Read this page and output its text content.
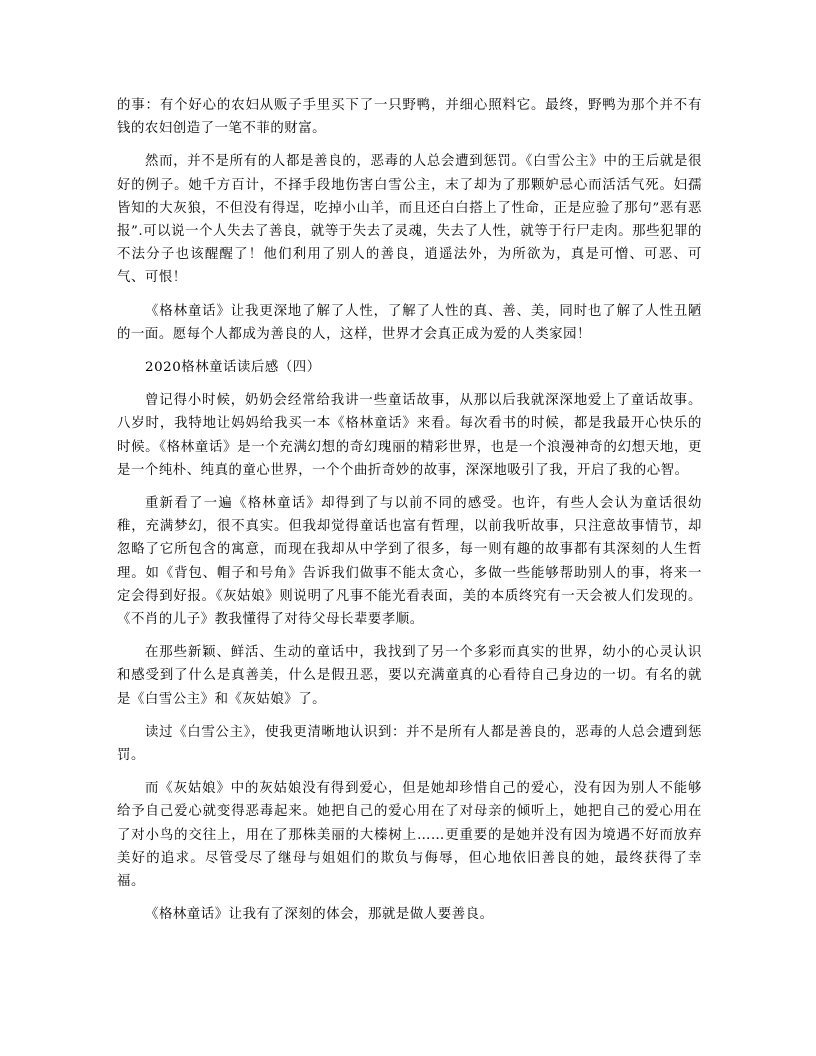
的事：有个好心的农妇从贩子手里买下了一只野鸭，并细心照料它。最终，野鸭为那个并不有钱的农妇创造了一笔不菲的财富。

然而，并不是所有的人都是善良的，恶毒的人总会遭到惩罚。《白雪公主》中的王后就是很好的例子。她千方百计，不择手段地伤害白雪公主，末了却为了那颗妒忌心而活活气死。妇孺皆知的大灰狼，不但没有得逞，吃掉小山羊，而且还白白搭上了性命，正是应验了那句”恶有恶报”.可以说一个人失去了善良，就等于失去了灵魂，失去了人性，就等于行尸走肉。那些犯罪的不法分子也该醒醒了！他们利用了别人的善良，逍遥法外，为所欲为，真是可憎、可恶、可气、可恨！

《格林童话》让我更深地了解了人性，了解了人性的真、善、美，同时也了解了人性丑陋的一面。愿每个人都成为善良的人，这样，世界才会真正成为爱的人类家园！

2020格林童话读后感（四）

曾记得小时候，奶奶会经常给我讲一些童话故事，从那以后我就深深地爱上了童话故事。八岁时，我特地让妈妈给我买一本《格林童话》来看。每次看书的时候，都是我最开心快乐的时候。《格林童话》是一个充满幻想的奇幻瑰丽的精彩世界，也是一个浪漫神奇的幻想天地，更是一个纯朴、纯真的童心世界，一个个曲折奇妙的故事，深深地吸引了我，开启了我的心智。

重新看了一遍《格林童话》却得到了与以前不同的感受。也许，有些人会认为童话很幼稚，充满梦幻，很不真实。但我却觉得童话也富有哲理，以前我听故事，只注意故事情节，却忽略了它所包含的寓意，而现在我却从中学到了很多，每一则有趣的故事都有其深刻的人生哲理。如《背包、帽子和号角》告诉我们做事不能太贪心，多做一些能够帮助别人的事，将来一定会得到好报。《灰姑娘》则说明了凡事不能光看表面，美的本质终究有一天会被人们发现的。《不肖的儿子》教我懂得了对待父母长辈要孝顺。

在那些新颖、鲜活、生动的童话中，我找到了另一个多彩而真实的世界，幼小的心灵认识和感受到了什么是真善美，什么是假丑恶，要以充满童真的心看待自己身边的一切。有名的就是《白雪公主》和《灰姑娘》了。

读过《白雪公主》，使我更清晰地认识到：并不是所有人都是善良的，恶毒的人总会遭到惩罚。

而《灰姑娘》中的灰姑娘没有得到爱心，但是她却珍惜自己的爱心，没有因为别人不能够给予自己爱心就变得恶毒起来。她把自己的爱心用在了对母亲的倾听上，她把自己的爱心用在了对小鸟的交往上，用在了那株美丽的大榛树上……更重要的是她并没有因为境遇不好而放弃美好的追求。尽管受尽了继母与姐姐们的欺负与侮辱，但心地依旧善良的她，最终获得了幸福。

《格林童话》让我有了深刻的体会，那就是做人要善良。
